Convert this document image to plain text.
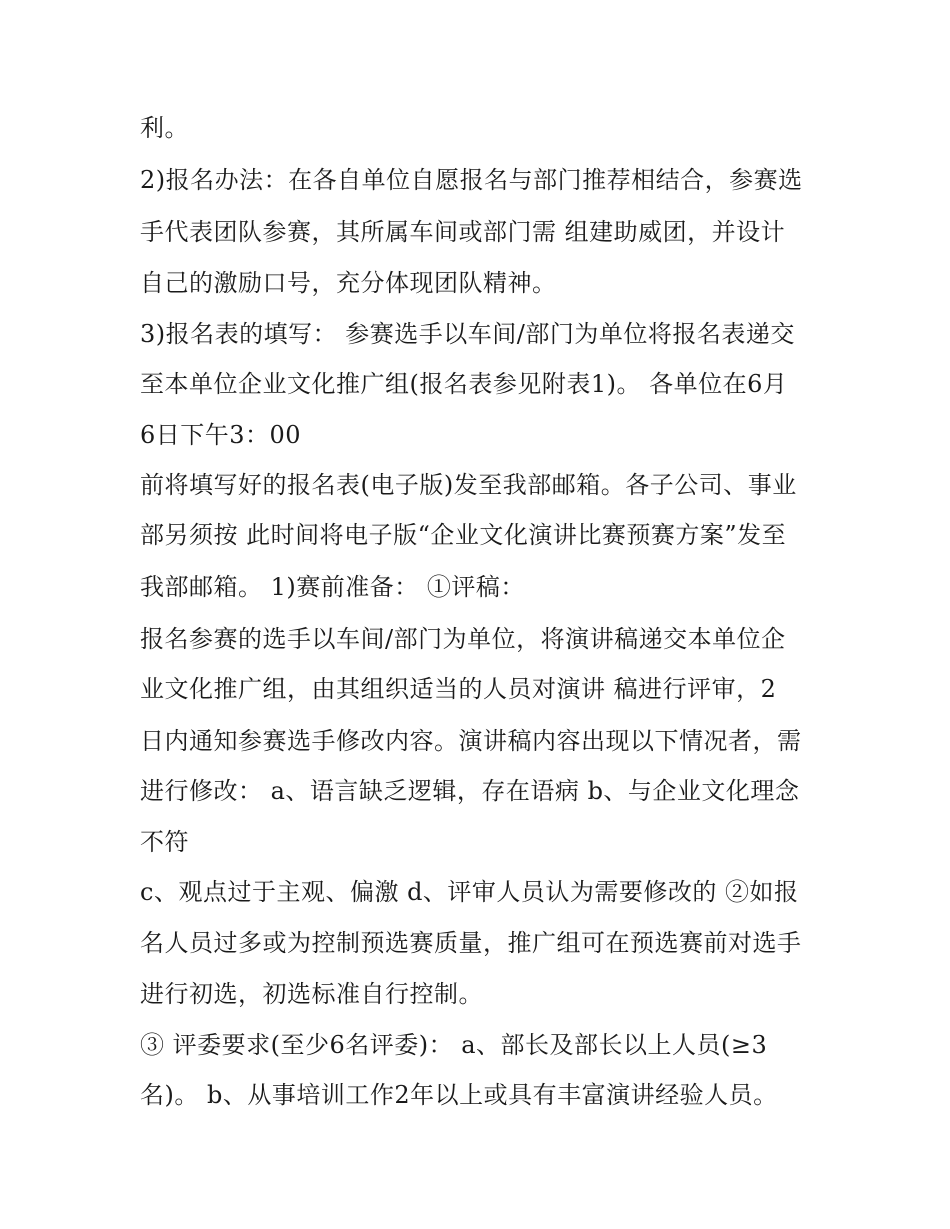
利。
2)报名办法：在各自单位自愿报名与部门推荐相结合，参赛选
手代表团队参赛，其所属车间或部门需 组建助威团，并设计
自己的激励口号，充分体现团队精神。
3)报名表的填写： 参赛选手以车间/部门为单位将报名表递交
至本单位企业文化推广组(报名表参见附表1)。 各单位在6月
6日下午3：00
前将填写好的报名表(电子版)发至我部邮箱。各子公司、事业
部另须按 此时间将电子版“企业文化演讲比赛预赛方案”发至
我部邮箱。 1)赛前准备： ①评稿：
报名参赛的选手以车间/部门为单位，将演讲稿递交本单位企
业文化推广组，由其组织适当的人员对演讲 稿进行评审，2
日内通知参赛选手修改内容。演讲稿内容出现以下情况者，需
进行修改： a、语言缺乏逻辑，存在语病 b、与企业文化理念
不符
c、观点过于主观、偏激 d、评审人员认为需要修改的 ②如报
名人员过多或为控制预选赛质量，推广组可在预选赛前对选手
进行初选，初选标准自行控制。
③ 评委要求(至少6名评委)： a、部长及部长以上人员(≥3
名)。 b、从事培训工作2年以上或具有丰富演讲经验人员。
